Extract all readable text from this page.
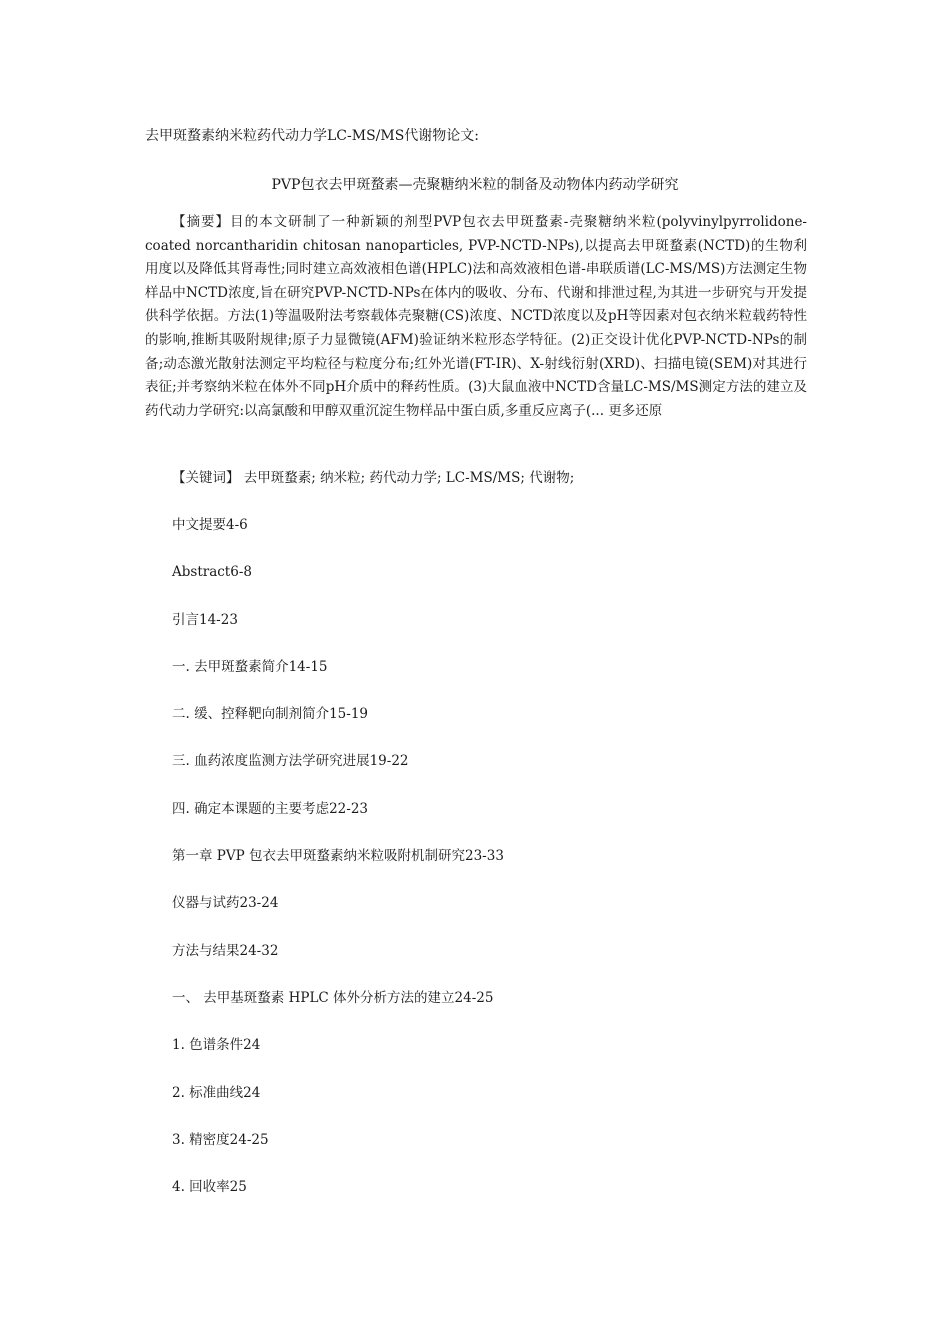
去甲斑蝥素纳米粒药代动力学LC-MS/MS代谢物论文:
PVP包衣去甲斑蝥素—壳聚糖纳米粒的制备及动物体内药动学研究

【摘要】目的本文研制了一种新颖的剂型PVP包衣去甲斑蝥素-壳聚糖纳米粒(polyvinylpyrrolidone-coated norcantharidin chitosan nanoparticles, PVP-NCTD-NPs),以提高去甲斑蝥素(NCTD)的生物利用度以及降低其肾毒性;同时建立高效液相色谱(HPLC)法和高效液相色谱-串联质谱(LC-MS/MS)方法测定生物样品中NCTD浓度,旨在研究PVP-NCTD-NPs在体内的吸收、分布、代谢和排泄过程,为其进一步研究与开发提供科学依据。方法(1)等温吸附法考察载体壳聚糖(CS)浓度、NCTD浓度以及pH等因素对包衣纳米粒载药特性的影响,推断其吸附规律;原子力显微镜(AFM)验证纳米粒形态学特征。(2)正交设计优化PVP-NCTD-NPs的制备;动态激光散射法测定平均粒径与粒度分布;红外光谱(FT-IR)、X-射线衍射(XRD)、扫描电镜(SEM)对其进行表征;并考察纳米粒在体外不同pH介质中的释药性质。(3)大鼠血液中NCTD含量LC-MS/MS测定方法的建立及药代动力学研究:以高氯酸和甲醇双重沉淀生物样品中蛋白质,多重反应离子(... 更多还原

【关键词】 去甲斑蝥素; 纳米粒; 药代动力学; LC-MS/MS; 代谢物;
中文提要4-6
Abstract6-8
引言14-23
一. 去甲斑蝥素简介14-15
二. 缓、控释靶向制剂简介15-19
三. 血药浓度监测方法学研究进展19-22
四. 确定本课题的主要考虑22-23
第一章 PVP 包衣去甲斑蝥素纳米粒吸附机制研究23-33
仪器与试药23-24
方法与结果24-32
一、 去甲基斑蝥素 HPLC 体外分析方法的建立24-25
1. 色谱条件24
2. 标准曲线24
3. 精密度24-25
4. 回收率25
